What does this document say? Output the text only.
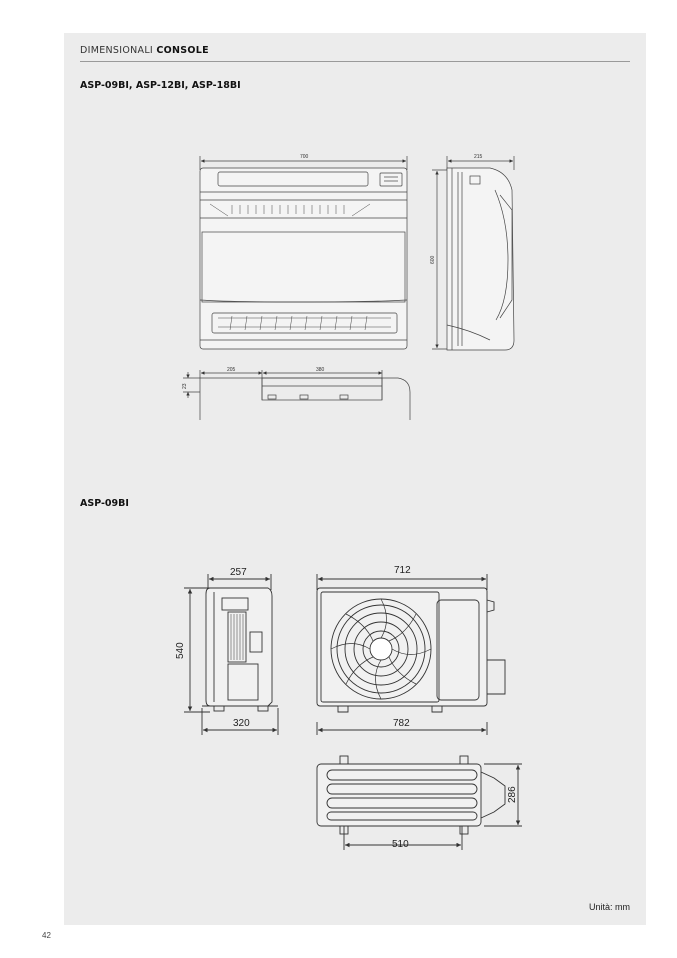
DIMENSIONALI CONSOLE
ASP-09BI, ASP-12BI, ASP-18BI
ASP-09BI
700	215
600
205	380
23
257
540
320
712
782
510
286
Unità: mm
42
